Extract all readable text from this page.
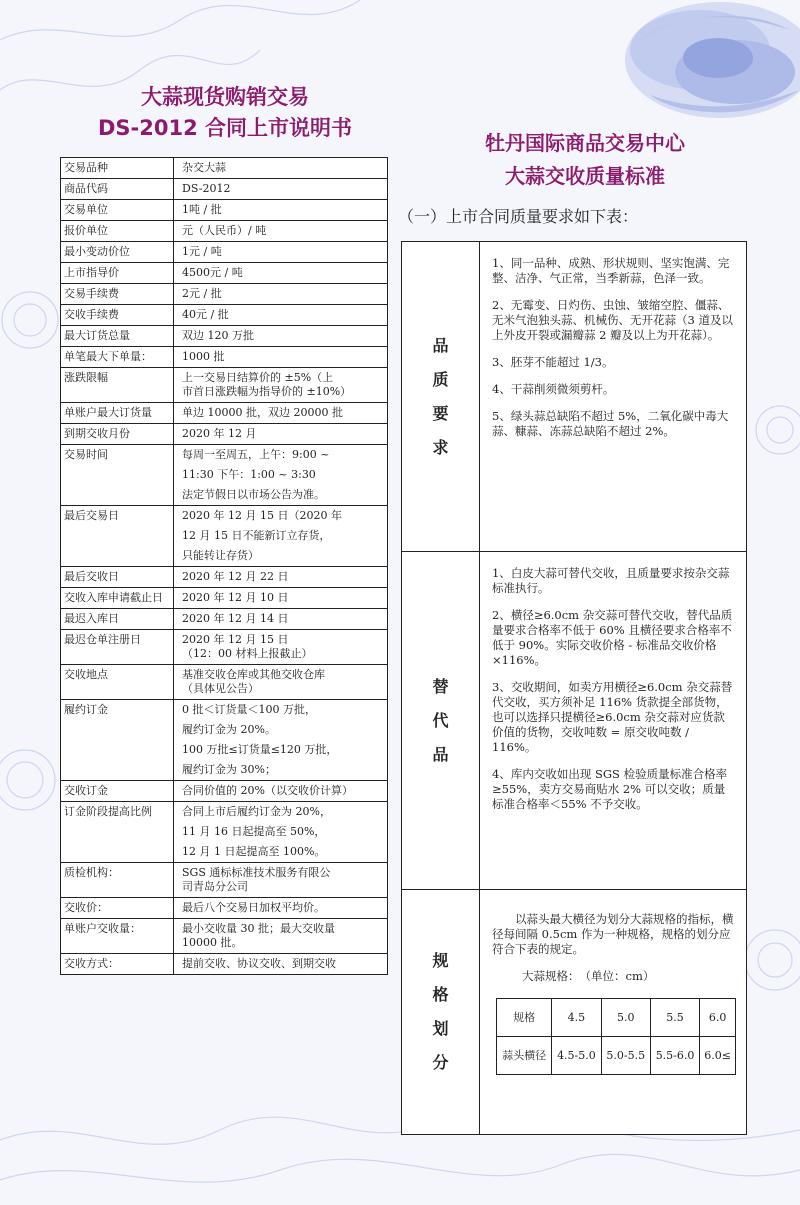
大蒜现货购销交易
DS-2012 合同上市说明书
牡丹国际商品交易中心
大蒜交收质量标准
（一）上市合同质量要求如下表：
交易品种	杂交大蒜

商品代码	DS-2012

交易单位	1吨 / 批

报价单位	元（人民币）/ 吨

最小变动价位	1元 / 吨

上市指导价	4500元 / 吨

交易手续费	2元 / 批

交收手续费	40元 / 批

最大订货总量	双边 120 万批

单笔最大下单量：	1000 批

涨跌限幅	上一交易日结算价的 ±5%（上
市首日涨跌幅为指导价的 ±10%）

单账户最大订货量	单边 10000 批，双边 20000 批

到期交收月份	2020 年 12 月

交易时间	每周一至周五，上午：9:00 ~
11:30 下午：1:00 ~ 3:30
法定节假日以市场公告为准。

最后交易日	2020 年 12 月 15 日（2020 年
12 月 15 日不能新订立存货，
只能转让存货）

最后交收日	2020 年 12 月 22 日

交收入库申请截止日	2020 年 12 月 10 日

最迟入库日	2020 年 12 月 14 日

最迟仓单注册日	2020 年 12 月 15 日
（12：00 材料上报截止）

交收地点	基准交收仓库或其他交收仓库
（具体见公告）

履约订金	0 批＜订货量＜100 万批，
履约订金为 20%。
100 万批≤订货量≤120 万批，
履约订金为 30%；

交收订金	合同价值的 20%（以交收价计算）

订金阶段提高比例	合同上市后履约订金为 20%，
11 月 16 日起提高至 50%，
12 月 1 日起提高至 100%。

质检机构：	SGS 通标标准技术服务有限公
司青岛分公司

交收价：	最后八个交易日加权平均价。

单账户交收量：	最小交收量 30 批；最大交收量
10000 批。

交收方式：	提前交收、协议交收、到期交收
品
质
要
求

1、同一品种、成熟、形状规则、坚实饱满、完整、洁净、气正常，当季新蒜，色泽一致。
2、无霉变、日灼伤、虫蚀、皱缩空腔、僵蒜、无米气泡独头蒜、机械伤、无开花蒜（3 道及以上外皮开裂或漏瓣蒜 2 瓣及以上为开花蒜）。
3、胚芽不能超过 1/3。
4、干蒜削须微须剪杆。
5、绿头蒜总缺陷不超过 5%，二氧化碳中毒大蒜、糠蒜、冻蒜总缺陷不超过 2%。

替
代
品

1、白皮大蒜可替代交收，且质量要求按杂交蒜标准执行。
2、横径≥6.0cm 杂交蒜可替代交收，替代品质量要求合格率不低于 60% 且横径要求合格率不低于 90%。实际交收价格 - 标准品交收价格 ×116%。
3、交收期间，如卖方用横径≥6.0cm 杂交蒜替代交收，买方须补足 116% 货款提全部货物，也可以选择只提横径≥6.0cm 杂交蒜对应货款价值的货物，交收吨数 = 原交收吨数 / 116%。
4、库内交收如出现 SGS 检验质量标准合格率≥55%，卖方交易商贴水 2% 可以交收；质量标准合格率＜55% 不予交收。

规
格
划
分

以蒜头最大横径为划分大蒜规格的指标，横径每间隔 0.5cm 作为一种规格，规格的划分应符合下表的规定。
大蒜规格：　（单位：cm）
规格	4.5	5.0	5.5	6.0
蒜头横径	4.5-5.0	5.0-5.5	5.5-6.0	6.0≤
